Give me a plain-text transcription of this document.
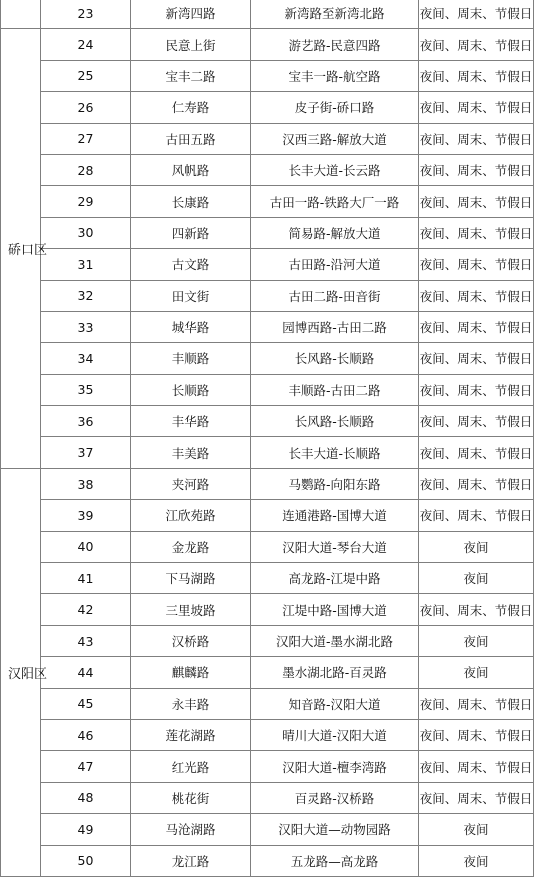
	23	新湾四路	新湾路至新湾北路	夜间、周末、节假日
硚口区	24	民意上街	游艺路-民意四路	夜间、周末、节假日
	25	宝丰二路	宝丰一路-航空路	夜间、周末、节假日
	26	仁寿路	皮子街-硚口路	夜间、周末、节假日
	27	古田五路	汉西三路-解放大道	夜间、周末、节假日
	28	风帆路	长丰大道-长云路	夜间、周末、节假日
	29	长康路	古田一路-铁路大厂一路	夜间、周末、节假日
	30	四新路	简易路-解放大道	夜间、周末、节假日
	31	古文路	古田路-沿河大道	夜间、周末、节假日
	32	田文街	古田二路-田音街	夜间、周末、节假日
	33	城华路	园博西路-古田二路	夜间、周末、节假日
	34	丰顺路	长风路-长顺路	夜间、周末、节假日
	35	长顺路	丰顺路-古田二路	夜间、周末、节假日
	36	丰华路	长风路-长顺路	夜间、周末、节假日
	37	丰美路	长丰大道-长顺路	夜间、周末、节假日
汉阳区	38	夹河路	马鹦路-向阳东路	夜间、周末、节假日
	39	江欣苑路	连通港路-国博大道	夜间、周末、节假日
	40	金龙路	汉阳大道-琴台大道	夜间
	41	下马湖路	高龙路-江堤中路	夜间
	42	三里坡路	江堤中路-国博大道	夜间、周末、节假日
	43	汉桥路	汉阳大道-墨水湖北路	夜间
	44	麒麟路	墨水湖北路-百灵路	夜间
	45	永丰路	知音路-汉阳大道	夜间、周末、节假日
	46	莲花湖路	晴川大道-汉阳大道	夜间、周末、节假日
	47	红光路	汉阳大道-檀李湾路	夜间、周末、节假日
	48	桃花街	百灵路-汉桥路	夜间、周末、节假日
	49	马沧湖路	汉阳大道—动物园路	夜间
	50	龙江路	五龙路—高龙路	夜间
